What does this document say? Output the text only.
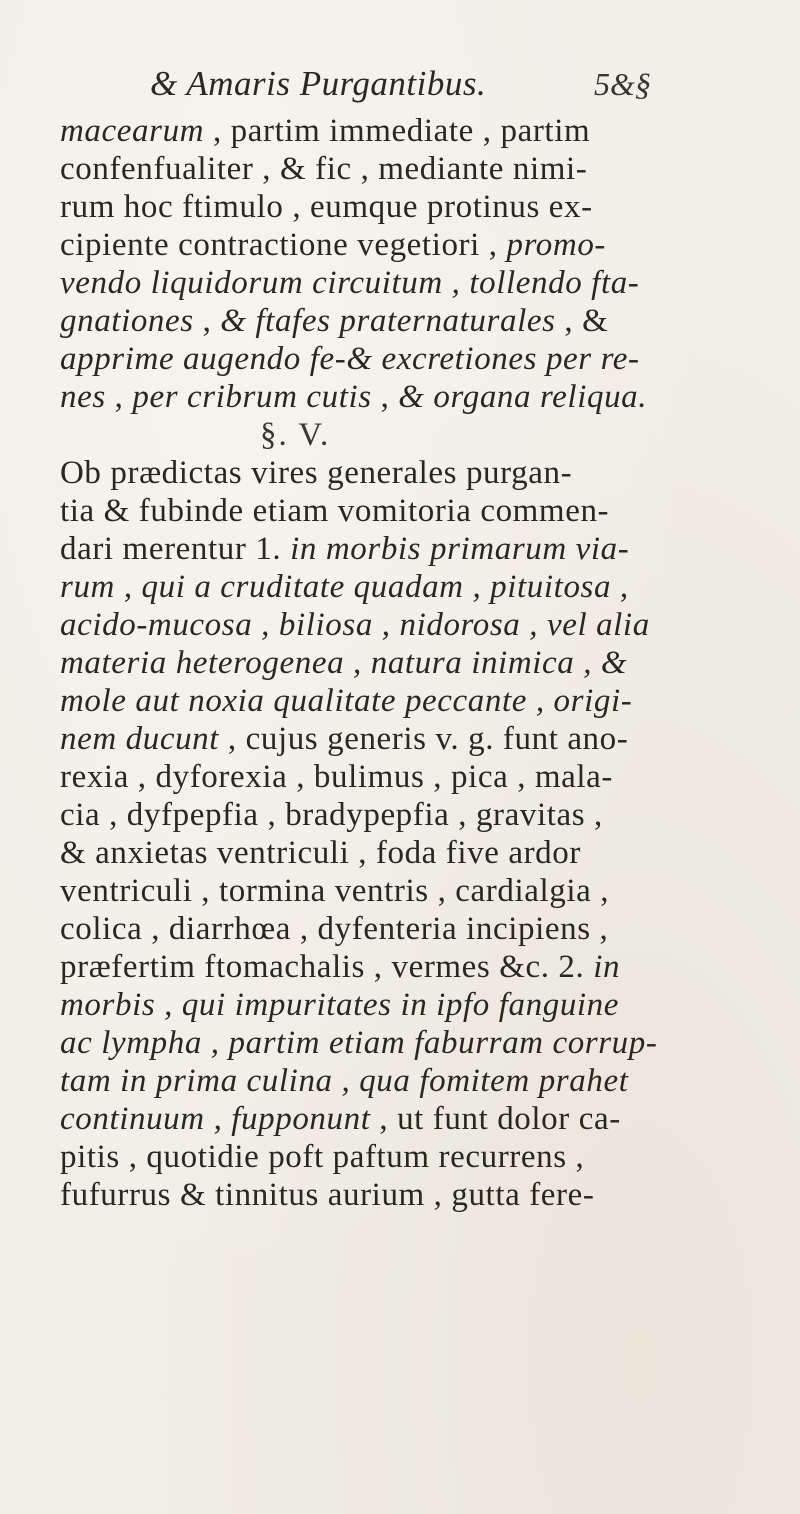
& Amaris Purgantibus.	5&§
macearum , partim immediate , partim
confenfualiter , & fic , mediante nimi-
rum hoc ftimulo , eumque protinus ex-
cipiente contractione vegetiori , promo-
vendo liquidorum circuitum , tollendo fta-
gnationes , & ftafes praternaturales , &
apprime augendo fe-& excretiones per re-
nes , per cribrum cutis , & organa reliqua.
§. V.
Ob prædictas vires generales purgan-
tia & fubinde etiam vomitoria commen-
dari merentur 1. in morbis primarum via-
rum , qui a cruditate quadam , pituitosa ,
acido-mucosa , biliosa , nidorosa , vel alia
materia heterogenea , natura inimica , &
mole aut noxia qualitate peccante , origi-
nem ducunt , cujus generis v. g. funt ano-
rexia , dyforexia , bulimus , pica , mala-
cia , dyfpepfia , bradypepfia , gravitas ,
& anxietas ventriculi , foda five ardor
ventriculi , tormina ventris , cardialgia ,
colica , diarrhœa , dyfenteria incipiens ,
præfertim ftomachalis , vermes &c. 2. in
morbis , qui impuritates in ipfo fanguine
ac lympha , partim etiam faburram corrup-
tam in prima culina , qua fomitem prahet
continuum , fupponunt , ut funt dolor ca-
pitis , quotidie poft paftum recurrens ,
fufurrus & tinnitus aurium , gutta fere-
